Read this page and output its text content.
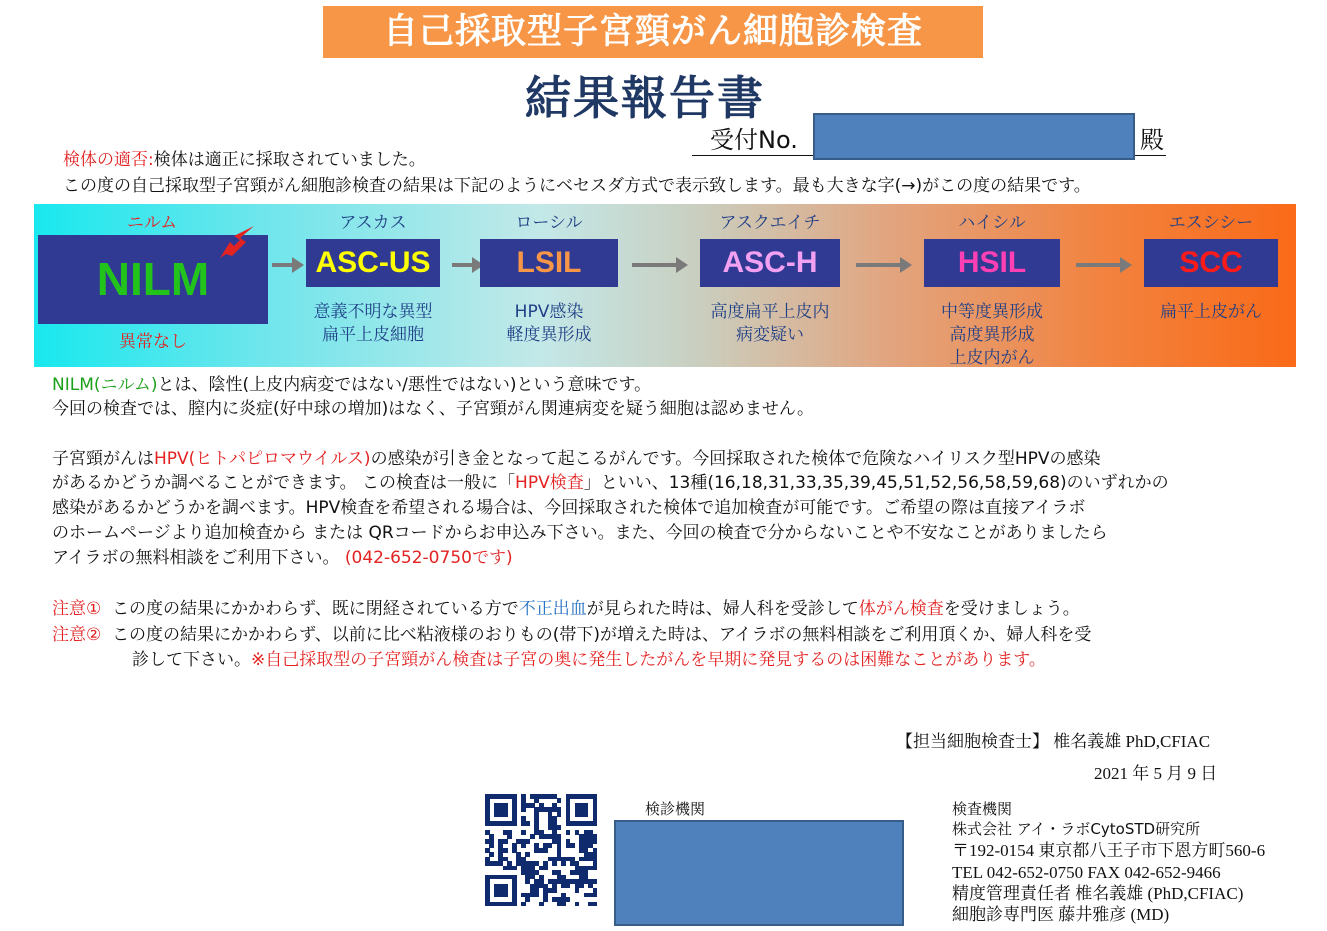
自己採取型子宮頸がん細胞診検査
結果報告書
受付No.	殿
検体の適否:検体は適正に採取されていました。
この度の自己採取型子宮頸がん細胞診検査の結果は下記のようにベセスダ方式で表示致します。最も大きな字(→)がこの度の結果です。
ニルム
NILM
異常なし
アスカス
ASC-US
意義不明な異型
扁平上皮細胞
ローシル
LSIL
HPV感染
軽度異形成
アスクエイチ
ASC-H
高度扁平上皮内
病変疑い
ハイシル
HSIL
中等度異形成
高度異形成
上皮内がん
エスシシー
SCC
扁平上皮がん
NILM(ニルム)とは、陰性(上皮内病変ではない/悪性ではない)という意味です。
今回の検査では、膣内に炎症(好中球の増加)はなく、子宮頸がん関連病変を疑う細胞は認めません。
子宮頸がんはHPV(ヒトパピロマウイルス)の感染が引き金となって起こるがんです。今回採取された検体で危険なハイリスク型HPVの感染
があるかどうか調べることができます。 この検査は一般に「HPV検査」といい、13種(16,18,31,33,35,39,45,51,52,56,58,59,68)のいずれかの
感染があるかどうかを調べます。HPV検査を希望される場合は、今回採取された検体で追加検査が可能です。ご希望の際は直接アイラボ
のホームページより追加検査から または QRコードからお申込み下さい。また、今回の検査で分からないことや不安なことがありましたら
アイラボの無料相談をご利用下さい。 (042-652-0750です)
注意① この度の結果にかかわらず、既に閉経されている方で不正出血が見られた時は、婦人科を受診して体がん検査を受けましょう。
注意② この度の結果にかかわらず、以前に比べ粘液様のおりもの(帯下)が増えた時は、アイラボの無料相談をご利用頂くか、婦人科を受
診して下さい。※自己採取型の子宮頸がん検査は子宮の奥に発生したがんを早期に発見するのは困難なことがあります。
【担当細胞検査士】 椎名義雄 PhD,CFIAC
2021 年 5 月 9 日
検診機関	検査機関
株式会社 アイ・ラボCytoSTD研究所
〒192-0154 東京都八王子市下恩方町560-6
TEL 042-652-0750 FAX 042-652-9466
精度管理責任者 椎名義雄 (PhD,CFIAC)
細胞診専門医 藤井雅彦 (MD)
